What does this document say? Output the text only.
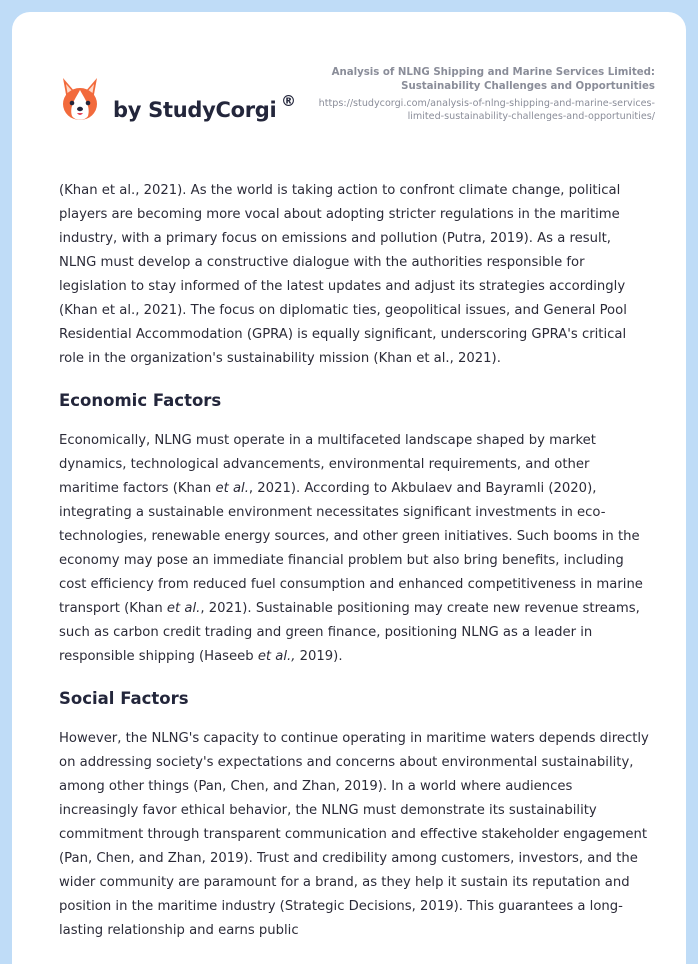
by StudyCorgi ®
Analysis of NLNG Shipping and Marine Services Limited: Sustainability Challenges and Opportunities
https://studycorgi.com/analysis-of-nlng-shipping-and-marine-services-limited-sustainability-challenges-and-opportunities/

(Khan et al., 2021). As the world is taking action to confront climate change, political players are becoming more vocal about adopting stricter regulations in the maritime industry, with a primary focus on emissions and pollution (Putra, 2019). As a result, NLNG must develop a constructive dialogue with the authorities responsible for legislation to stay informed of the latest updates and adjust its strategies accordingly (Khan et al., 2021). The focus on diplomatic ties, geopolitical issues, and General Pool Residential Accommodation (GPRA) is equally significant, underscoring GPRA's critical role in the organization's sustainability mission (Khan et al., 2021).

Economic Factors

Economically, NLNG must operate in a multifaceted landscape shaped by market dynamics, technological advancements, environmental requirements, and other maritime factors (Khan et al., 2021). According to Akbulaev and Bayramli (2020), integrating a sustainable environment necessitates significant investments in eco-technologies, renewable energy sources, and other green initiatives. Such booms in the economy may pose an immediate financial problem but also bring benefits, including cost efficiency from reduced fuel consumption and enhanced competitiveness in marine transport (Khan et al., 2021). Sustainable positioning may create new revenue streams, such as carbon credit trading and green finance, positioning NLNG as a leader in responsible shipping (Haseeb et al., 2019).

Social Factors

However, the NLNG's capacity to continue operating in maritime waters depends directly on addressing society's expectations and concerns about environmental sustainability, among other things (Pan, Chen, and Zhan, 2019). In a world where audiences increasingly favor ethical behavior, the NLNG must demonstrate its sustainability commitment through transparent communication and effective stakeholder engagement (Pan, Chen, and Zhan, 2019). Trust and credibility among customers, investors, and the wider community are paramount for a brand, as they help it sustain its reputation and position in the maritime industry (Strategic Decisions, 2019). This guarantees a long-lasting relationship and earns public
